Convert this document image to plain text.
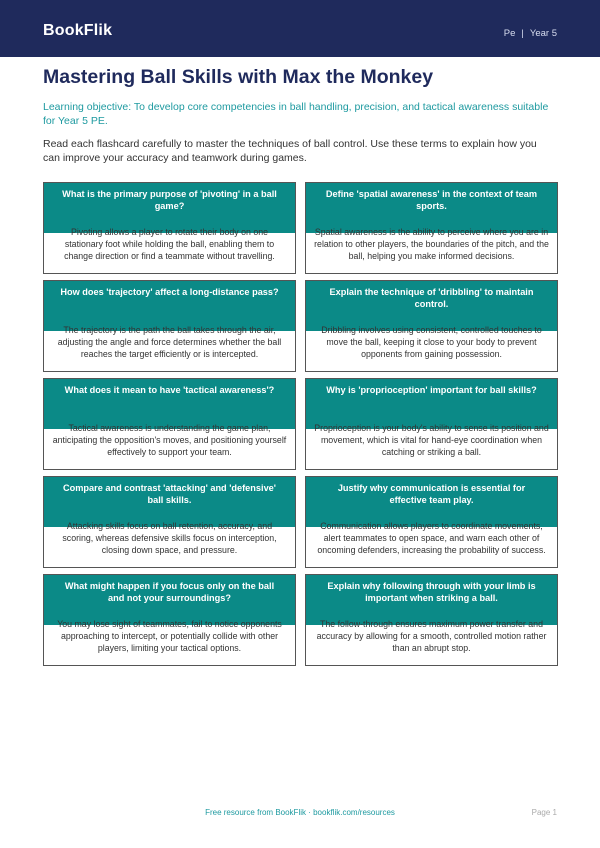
BookFlik	Pe | Year 5
Mastering Ball Skills with Max the Monkey

Learning objective: To develop core competencies in ball handling, precision, and tactical awareness suitable for Year 5 PE.

Read each flashcard carefully to master the techniques of ball control. Use these terms to explain how you can improve your accuracy and teamwork during games.

What is the primary purpose of 'pivoting' in a ball game?
Pivoting allows a player to rotate their body on one stationary foot while holding the ball, enabling them to change direction or find a teammate without travelling.
Define 'spatial awareness' in the context of team sports.
Spatial awareness is the ability to perceive where you are in relation to other players, the boundaries of the pitch, and the ball, helping you make informed decisions.
How does 'trajectory' affect a long-distance pass?
The trajectory is the path the ball takes through the air, adjusting the angle and force determines whether the ball reaches the target efficiently or is intercepted.
Explain the technique of 'dribbling' to maintain control.
Dribbling involves using consistent, controlled touches to move the ball, keeping it close to your body to prevent opponents from gaining possession.
What does it mean to have 'tactical awareness'?
Tactical awareness is understanding the game plan, anticipating the opposition's moves, and positioning yourself effectively to support your team.
Why is 'proprioception' important for ball skills?
Proprioception is your body's ability to sense its position and movement, which is vital for hand-eye coordination when catching or striking a ball.
Compare and contrast 'attacking' and 'defensive' ball skills.
Attacking skills focus on ball retention, accuracy, and scoring, whereas defensive skills focus on interception, closing down space, and pressure.
Justify why communication is essential for effective team play.
Communication allows players to coordinate movements, alert teammates to open space, and warn each other of oncoming defenders, increasing the probability of success.
What might happen if you focus only on the ball and not your surroundings?
You may lose sight of teammates, fail to notice opponents approaching to intercept, or potentially collide with other players, limiting your tactical options.
Explain why following through with your limb is important when striking a ball.
The follow-through ensures maximum power transfer and accuracy by allowing for a smooth, controlled motion rather than an abrupt stop.
Free resource from BookFlik · bookflik.com/resources	Page 1
